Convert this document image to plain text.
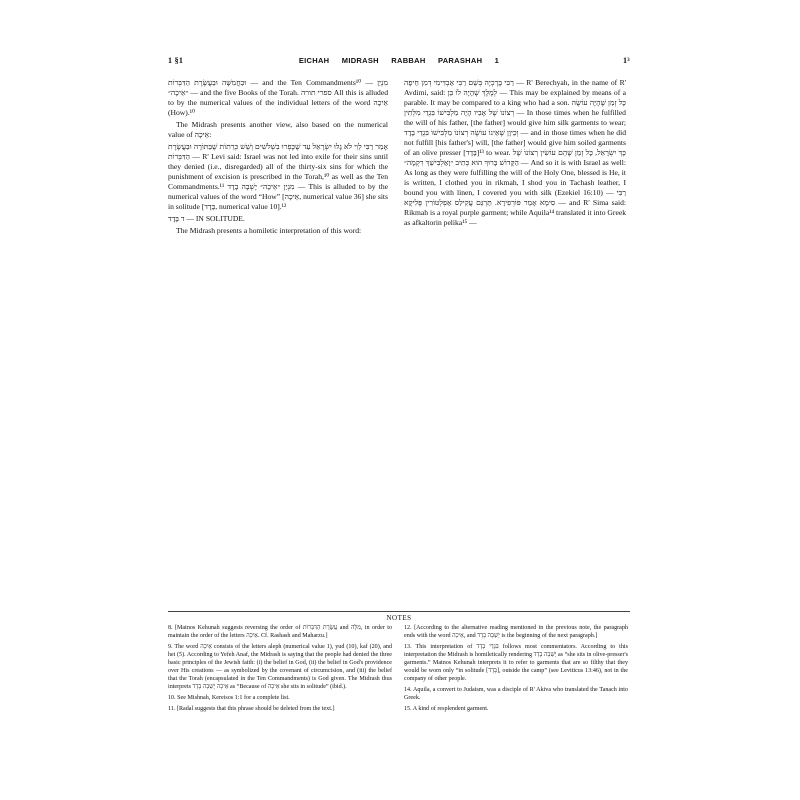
1 §1	EICHAH MIDRASH RABBAH PARASHAH 1	1³

וּבַחֲמִשָּׁה וּבַעֲשֶׂרֶת הַדִּבְּרוֹת — and the Ten Commandments¹⁰ — מִנְיַן ״אֵיכָה״ — and the five Books of the Torah. ספרי תורה All this is alluded to by the numerical values of the individual letters of the word אֵיכָה (How).¹⁰

The Midrash presents another view, also based on the numerical value of אֵיכָה:

אָמַר רַבִּי לֵוִי לֹא גָלוּ יִשְׂרָאֵל עַד שֶׁכָּפְרוּ בִשְׁלֹשִׁים וְשֵׁשׁ כְּרֵתוֹת שֶׁבַּתּוֹרָה וּבַעֲשֶׂרֶת הַדִּבְּרוֹת — R' Levi said: Israel was not led into exile for their sins until they denied (i.e., disregarded) all of the thirty-six sins for which the punishment of excision is prescribed in the Torah,¹⁰ as well as the Ten Commandments.¹¹ מִנְיַן ״אֵיכָה״ יָשְׁבָה בָדָד — This is alluded to by the numerical values of the word “How” [אֵיכָה, numerical value 36] she sits in solitude [בָּדָד, numerical value 10].¹²

ד בָּדָד — IN SOLITUDE.

The Midrash presents a homiletic interpretation of this word:

רַבִּי בֶּרֶכְיָה בְּשֵׁם רַבִּי אַבְדִּימִי דְמִן חֵיפָה — R' Berechyah, in the name of R' Avdimi, said: לְמֶלֶךְ שֶׁהָיָה לוֹ בֵּן — This may be explained by means of a parable. It may be compared to a king who had a son. כָּל זְמַן שֶׁהָיָה עוֹשֶׂה רְצוֹנוֹ שֶׁל אָבִיו הָיָה מַלְבִּישׁוֹ בִּגְדֵי מִלְּתִין — In those times when he fulfilled the will of his father, [the father] would give him silk garments to wear; וְכֵיוָן שֶׁאֵינוֹ עוֹשֶׂה רְצוֹנוֹ מַלְבִּישׁוֹ בִּגְדֵי בָדָד — and in those times when he did not fulfill [his father's] will, [the father] would give him soiled garments of an olive presser [בָּדָד]¹³ to wear. כָּךְ יִשְׂרָאֵל, כָּל זְמַן שֶׁהֵם עוֹשִׂין רְצוֹנוֹ שֶׁל הַקָּדוֹשׁ בָּרוּךְ הוּא כְּתִיב ״וָאַלְבִּישֵׁךְ רִקְמָה״ — And so it is with Israel as well: As long as they were fulfilling the will of the Holy One, blessed is He, it is written, I clothed you in rikmah, I shod you in Tachash leather, I bound you with linen, I covered you with silk (Ezekiel 16:10) — רַבִּי סִימָא אָמַר פּוֹרְפִירָא. תַּרְגֵּם עֲקִילַס אַפְלְטוֹרִין פֶּלִיקָא — and R' Sima said: Rikmah is a royal purple garment; while Aquila¹⁴ translated it into Greek as afkaltorin pelika¹⁵ —

NOTES
8. [Matnos Kehunah suggests reversing the order of עֲשֶׂרֶת הַדִּבְּרוֹת and מִלָּה, in order to maintain the order of the letters אֵיכָה. Cf. Rashash and Maharzu.]
9. The word אֵיכָה consists of the letters aleph (numerical value 1), yud (10), kaf (20), and hei (5). According to Yefeh Anaf, the Midrash is saying that the people had denied the three basic principles of the Jewish faith: (i) the belief in God, (ii) the belief in God's providence over His creations — as symbolized by the covenant of circumcision, and (iii) the belief that the Torah (encapsulated in the Ten Commandments) is God given. The Midrash thus interprets אֵיכָה יָשְׁבָה בָדָד as “Because of אֵיכָה she sits in solitude” (ibid.).
10. See Mishnah, Kereisos 1:1 for a complete list.
11. [Radal suggests that this phrase should be deleted from the text.]
12. [According to the alternative reading mentioned in the previous note, the paragraph ends with the word אֵיכָה, and יָשְׁבָה בָדָד is the beginning of the next paragraph.]
13. This interpretation of בִּגְדֵי בָדָד follows most commentators. According to this interpretation the Midrash is homiletically rendering יָשְׁבָה בָדָד as “she sits in olive-presser's garments.” Matnos Kehunah interprets it to refer to garments that are so filthy that they would be worn only “in solitude [בָּדָד], outside the camp” (see Leviticus 13:46), not in the company of other people.
14. Aquila, a convert to Judaism, was a disciple of R' Akiva who translated the Tanach into Greek.
15. A kind of resplendent garment.
